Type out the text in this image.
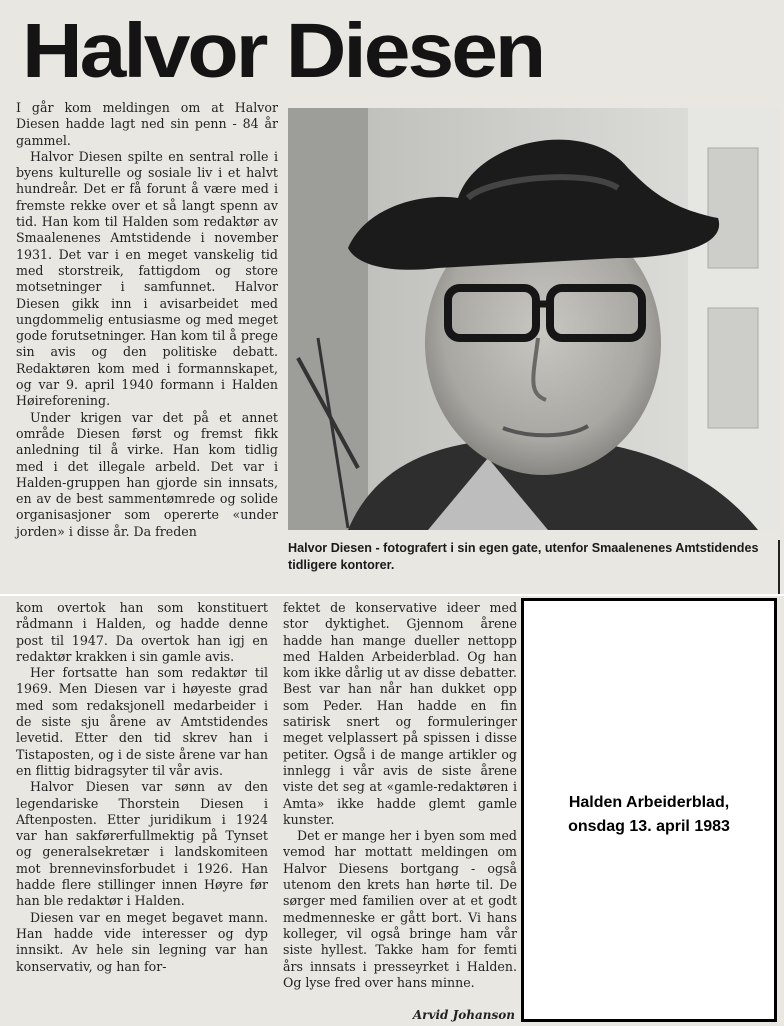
Halvor Diesen

I går kom meldingen om at Halvor Diesen hadde lagt ned sin penn - 84 år gammel.

Halvor Diesen spilte en sentral rolle i byens kulturelle og sosiale liv i et halvt hundreår. Det er få forunt å være med i fremste rekke over et så langt spenn av tid. Han kom til Halden som redaktør av Smaalenenes Amtstidende i november 1931. Det var i en meget vanskelig tid med storstreik, fattigdom og store motsetninger i samfunnet. Halvor Diesen gikk inn i avisarbeidet med ungdommelig entusiasme og med meget gode forutsetninger. Han kom til å prege sin avis og den politiske debatt. Redaktøren kom med i formannskapet, og var 9. april 1940 formann i Halden Høireforening.

Under krigen var det på et annet område Diesen først og fremst fikk anledning til å virke. Han kom tidlig med i det illegale arbeld. Det var i Halden-gruppen han gjorde sin innsats, en av de best sammentømrede og solide organisasjoner som opererte «under jorden» i disse år. Da freden

Halvor Diesen - fotografert i sin egen gate, utenfor Smaalenenes Amtstidendes tidligere kontorer.

kom overtok han som konstituert rådmann i Halden, og hadde denne post til 1947. Da overtok han igj en redaktør krakken i sin gamle avis.

Her fortsatte han som redaktør til 1969. Men Diesen var i høyeste grad med som redaksjonell medarbeider i de siste sju årene av Amtstidendes levetid. Etter den tid skrev han i Tistaposten, og i de siste årene var han en flittig bidragsyter til vår avis.

Halvor Diesen var sønn av den legendariske Thorstein Diesen i Aftenposten. Etter juridikum i 1924 var han sakførerfullmektig på Tynset og generalsekretær i landskomiteen mot brennevinsforbudet i 1926. Han hadde flere stillinger innen Høyre før han ble redaktør i Halden.

Diesen var en meget begavet mann. Han hadde vide interesser og dyp innsikt. Av hele sin legning var han konservativ, og han for-

fektet de konservative ideer med stor dyktighet. Gjennom årene hadde han mange dueller nettopp med Halden Arbeiderblad. Og han kom ikke dårlig ut av disse debatter. Best var han når han dukket opp som Peder. Han hadde en fin satirisk snert og formuleringer meget velplassert på spissen i disse petiter. Også i de mange artikler og innlegg i vår avis de siste årene viste det seg at «gamle-redaktøren i Amta» ikke hadde glemt gamle kunster.

Det er mange her i byen som med vemod har mottatt meldingen om Halvor Diesens bortgang - også utenom den krets han hørte til. De sørger med familien over at et godt medmenneske er gått bort. Vi hans kolleger, vil også bringe ham vår siste hyllest. Takke ham for femti års innsats i presseyrket i Halden. Og lyse fred over hans minne.

Arvid Johanson
Halden Arbeiderblad,
onsdag 13. april 1983
